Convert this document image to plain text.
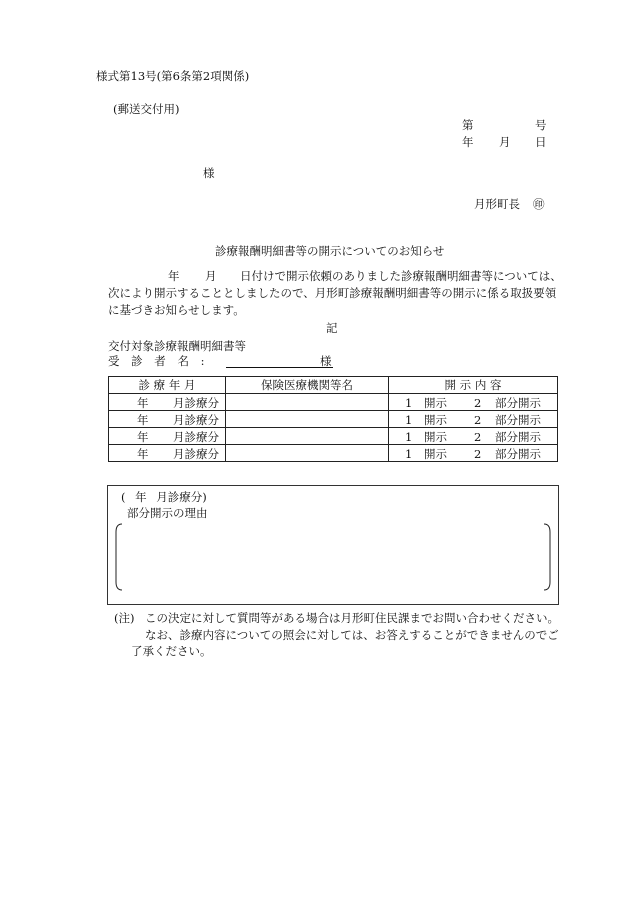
様式第13号(第6条第2項関係)
(郵送交付用)
第	号
年 月 日
様
月形町長 ㊞
診療報酬明細書等の開示についてのお知らせ
年 月 日付けで開示依頼のありました診療報酬明細書等については、
次により開示することとしましたので、月形町診療報酬明細書等の開示に係る取扱要領
に基づきお知らせします。
記
交付対象診療報酬明細書等
受 診 者 名 :	様
診 療 年 月	保険医療機関等名	開 示 内 容

年 月診療分		1 開示 2 部分開示

年 月診療分		1 開示 2 部分開示

年 月診療分		1 開示 2 部分開示

年 月診療分		1 開示 2 部分開示
( 年 月診療分)
部分開示の理由
(注) この決定に対して質問等がある場合は月形町住民課までお問い合わせください。
なお、診療内容についての照会に対しては、お答えすることができませんのでご
了承ください。
